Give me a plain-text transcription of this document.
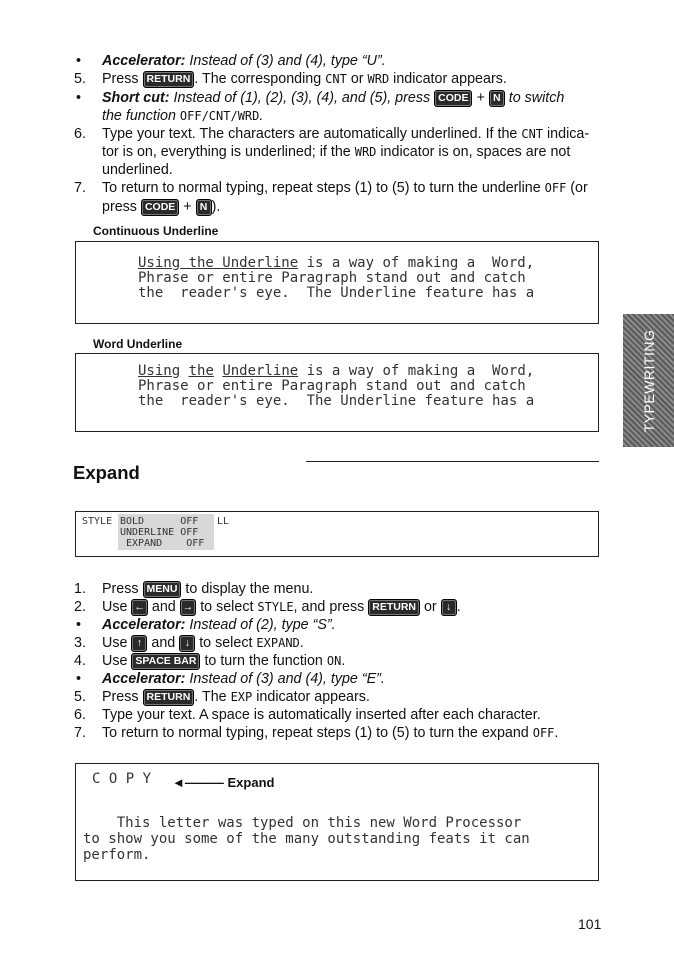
• Accelerator: Instead of (3) and (4), type “U”.
5. Press RETURN . The corresponding CNT or WRD indicator appears.
• Short cut: Instead of (1), (2), (3), (4), and (5), press CODE + N to switch
the function OFF/CNT/WRD.
6. Type your text. The characters are automatically underlined. If the CNT indica-
tor is on, everything is underlined; if the WRD indicator is on, spaces are not
underlined.
7. To return to normal typing, repeat steps (1) to (5) to turn the underline OFF (or
press CODE + N ).
Continuous Underline
Using the Underline is a way of making a  Word,
Phrase or entire Paragraph stand out and catch
the  reader's eye.  The Underline feature has a
Word Underline
Using the Underline is a way of making a  Word,
Phrase or entire Paragraph stand out and catch
the  reader's eye.  The Underline feature has a	TYPEWRITING
Expand
STYLE BOLD      OFF
UNDERLINE OFF
EXPAND    OFF
LL
1. Press MENU to display the menu.
2. Use ← and → to select STYLE, and press RETURN or ↓ .
• Accelerator: Instead of (2), type “S”.
3. Use ↑ and ↓ to select EXPAND.
4. Use SPACE BAR to turn the function ON.
• Accelerator: Instead of (3) and (4), type “E”.
5. Press RETURN . The EXP indicator appears.
6. Type your text. A space is automatically inserted after each character.
7. To return to normal typing, repeat steps (1) to (5) to turn the expand OFF.
C O P Y ◄——— Expand
This letter was typed on this new Word Processor
to show you some of the many outstanding feats it can
perform.
101
